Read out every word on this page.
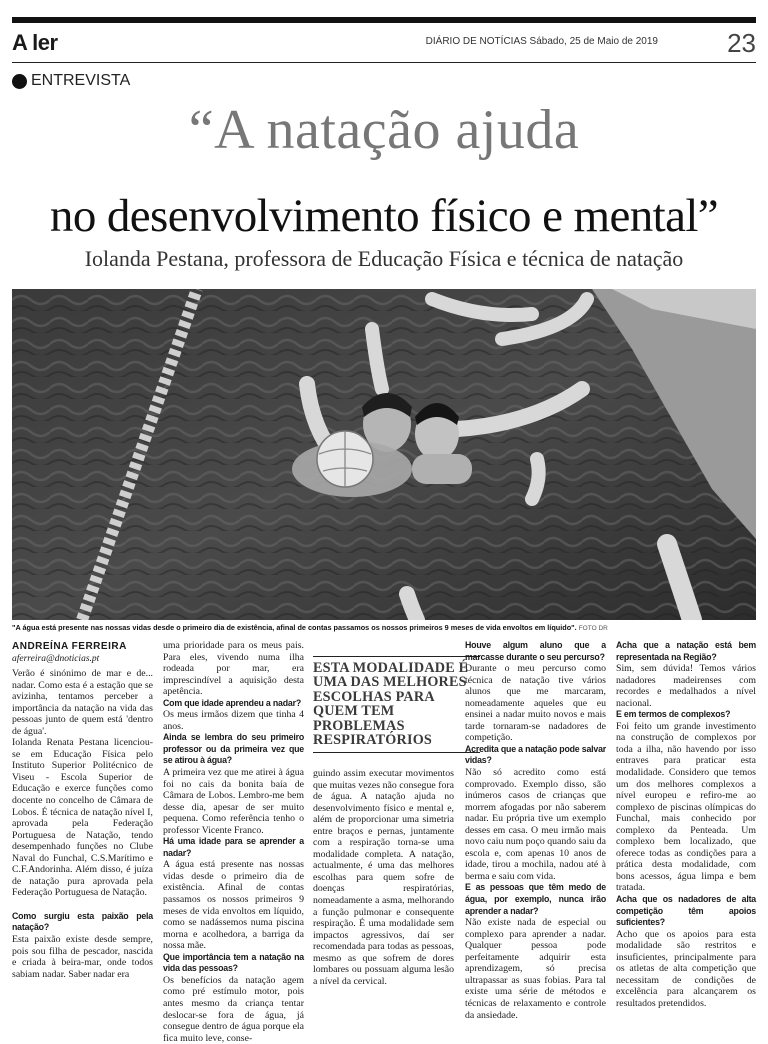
A ler	DIÁRIO DE NOTÍCIAS Sábado, 25 de Maio de 2019	23
ENTREVISTA
“A natação ajuda
no desenvolvimento físico e mental”
Iolanda Pestana, professora de Educação Física e técnica de natação
"A água está presente nas nossas vidas desde o primeiro dia de existência, afinal de contas passamos os nossos primeiros 9 meses de vida envoltos em líquido". FOTO DR

ANDREÍNA FERREIRA

aferreira@dnoticias.pt

Verão é sinónimo de mar e de... nadar. Como esta é a estação que se avizinha, tentamos perceber a importância da natação na vida das pessoas junto de quem está 'dentro de água'.

Iolanda Renata Pestana licenciou-se em Educação Física pelo Instituto Superior Politécnico de Viseu - Escola Superior de Educação e exerce funções como docente no concelho de Câmara de Lobos. É técnica de natação nível I, aprovada pela Federação Portuguesa de Natação, tendo desempenhado funções no Clube Naval do Funchal, C.S.Marítimo e C.F.Andorinha. Além disso, é juíza de natação pura aprovada pela Federação Portuguesa de Natação.

Como surgiu esta paixão pela natação?

Esta paixão existe desde sempre, pois sou filha de pescador, nascida e criada à beira-mar, onde todos sabiam nadar. Saber nadar era

uma prioridade para os meus pais. Para eles, vivendo numa ilha rodeada por mar, era imprescindível a aquisição desta apetência.

Com que idade aprendeu a nadar?

Os meus irmãos dizem que tinha 4 anos.

Ainda se lembra do seu primeiro professor ou da primeira vez que se atirou à água?

A primeira vez que me atirei à água foi no cais da bonita baía de Câmara de Lobos. Lembro-me bem desse dia, apesar de ser muito pequena. Como referência tenho o professor Vicente Franco.

Há uma idade para se aprender a nadar?

A água está presente nas nossas vidas desde o primeiro dia de existência. Afinal de contas passamos os nossos primeiros 9 meses de vida envoltos em líquido, como se nadássemos numa piscina morna e acolhedora, a barriga da nossa mãe.

Que importância tem a natação na vida das pessoas?

Os benefícios da natação agem como pré estímulo motor, pois antes mesmo da criança tentar deslocar-se fora de água, já consegue dentro de água porque ela fica muito leve, conse-

ESTA MODALIDADE É UMA DAS MELHORES ESCOLHAS PARA QUEM TEM PROBLEMAS RESPIRATÓRIOS

guindo assim executar movimentos que muitas vezes não consegue fora de água. A natação ajuda no desenvolvimento físico e mental e, além de proporcionar uma simetria entre braços e pernas, juntamente com a respiração torna-se uma modalidade completa. A natação, actualmente, é uma das melhores escolhas para quem sofre de doenças respiratórias, nomeadamente a asma, melhorando a função pulmonar e consequente respiração. É uma modalidade sem impactos agressivos, daí ser recomendada para todas as pessoas, mesmo as que sofrem de dores lombares ou possuam alguma lesão a nível da cervical.

Houve algum aluno que a marcasse durante o seu percurso?

Durante o meu percurso como técnica de natação tive vários alunos que me marcaram, nomeadamente aqueles que eu ensinei a nadar muito novos e mais tarde tornaram-se nadadores de competição.

Acredita que a natação pode salvar vidas?

Não só acredito como está comprovado. Exemplo disso, são inúmeros casos de crianças que morrem afogadas por não saberem nadar. Eu própria tive um exemplo desses em casa. O meu irmão mais novo caiu num poço quando saiu da escola e, com apenas 10 anos de idade, tirou a mochila, nadou até à berma e saiu com vida.

E as pessoas que têm medo de água, por exemplo, nunca irão aprender a nadar?

Não existe nada de especial ou complexo para aprender a nadar. Qualquer pessoa pode perfeitamente adquirir esta aprendizagem, só precisa ultrapassar as suas fobias. Para tal existe uma série de métodos e técnicas de relaxamento e controle da ansiedade.

Acha que a natação está bem representada na Região?

Sim, sem dúvida! Temos vários nadadores madeirenses com recordes e medalhados a nível nacional.

E em termos de complexos?

Foi feito um grande investimento na construção de complexos por toda a ilha, não havendo por isso entraves para praticar esta modalidade. Considero que temos um dos melhores complexos a nível europeu e refiro-me ao complexo de piscinas olímpicas do Funchal, mais conhecido por complexo da Penteada. Um complexo bem localizado, que oferece todas as condições para a prática desta modalidade, com bons acessos, água limpa e bem tratada.

Acha que os nadadores de alta competição têm apoios suficientes?

Acho que os apoios para esta modalidade são restritos e insuficientes, principalmente para os atletas de alta competição que necessitam de condições de excelência para alcançarem os resultados pretendidos.
